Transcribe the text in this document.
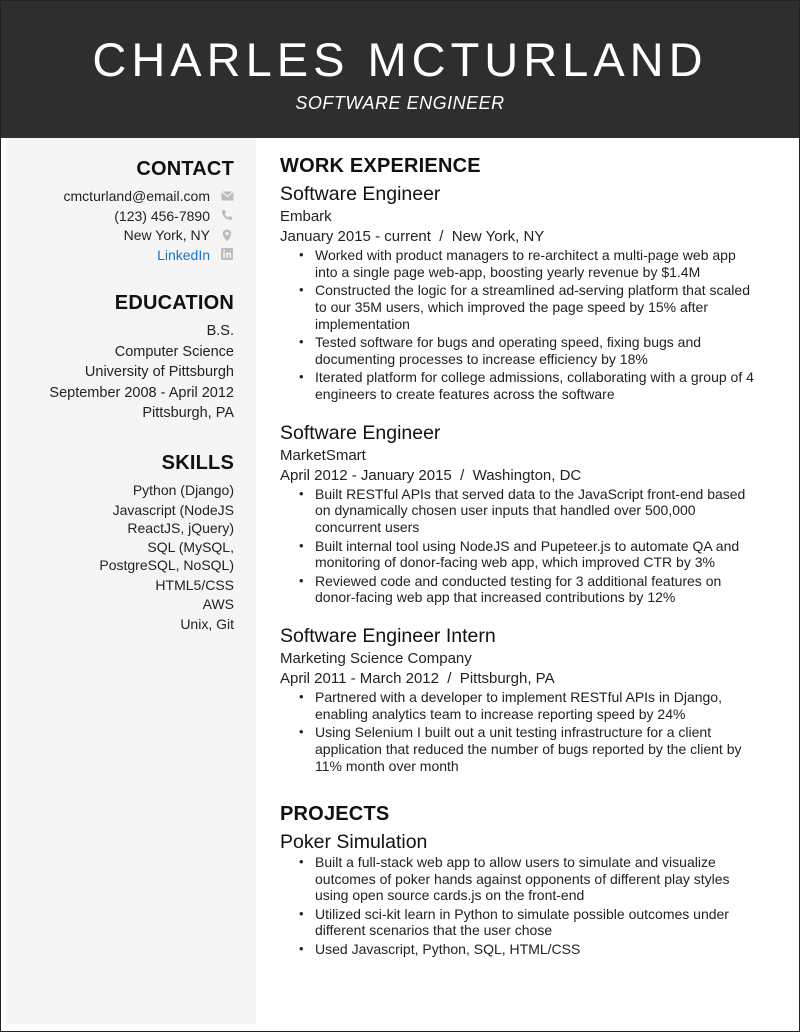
CHARLES MCTURLAND
SOFTWARE ENGINEER
CONTACT
cmcturland@email.com
(123) 456-7890
New York, NY
LinkedIn
EDUCATION
B.S.
Computer Science
University of Pittsburgh
September 2008 - April 2012
Pittsburgh, PA
SKILLS
Python (Django)
Javascript (NodeJS ReactJS, jQuery)
SQL (MySQL, PostgreSQL, NoSQL)
HTML5/CSS
AWS
Unix, Git
WORK EXPERIENCE
Software Engineer
Embark
January 2015 - current  /  New York, NY
• Worked with product managers to re-architect a multi-page web app into a single page web-app, boosting yearly revenue by $1.4M
• Constructed the logic for a streamlined ad-serving platform that scaled to our 35M users, which improved the page speed by 15% after implementation
• Tested software for bugs and operating speed, fixing bugs and documenting processes to increase efficiency by 18%
• Iterated platform for college admissions, collaborating with a group of 4 engineers to create features across the software
Software Engineer
MarketSmart
April 2012 - January 2015  /  Washington, DC
• Built RESTful APIs that served data to the JavaScript front-end based on dynamically chosen user inputs that handled over 500,000 concurrent users
• Built internal tool using NodeJS and Pupeteer.js to automate QA and monitoring of donor-facing web app, which improved CTR by 3%
• Reviewed code and conducted testing for 3 additional features on donor-facing web app that increased contributions by 12%
Software Engineer Intern
Marketing Science Company
April 2011 - March 2012  /  Pittsburgh, PA
• Partnered with a developer to implement RESTful APIs in Django, enabling analytics team to increase reporting speed by 24%
• Using Selenium I built out a unit testing infrastructure for a client application that reduced the number of bugs reported by the client by 11% month over month
PROJECTS
Poker Simulation
• Built a full-stack web app to allow users to simulate and visualize outcomes of poker hands against opponents of different play styles using open source cards.js on the front-end
• Utilized sci-kit learn in Python to simulate possible outcomes under different scenarios that the user chose
• Used Javascript, Python, SQL, HTML/CSS
